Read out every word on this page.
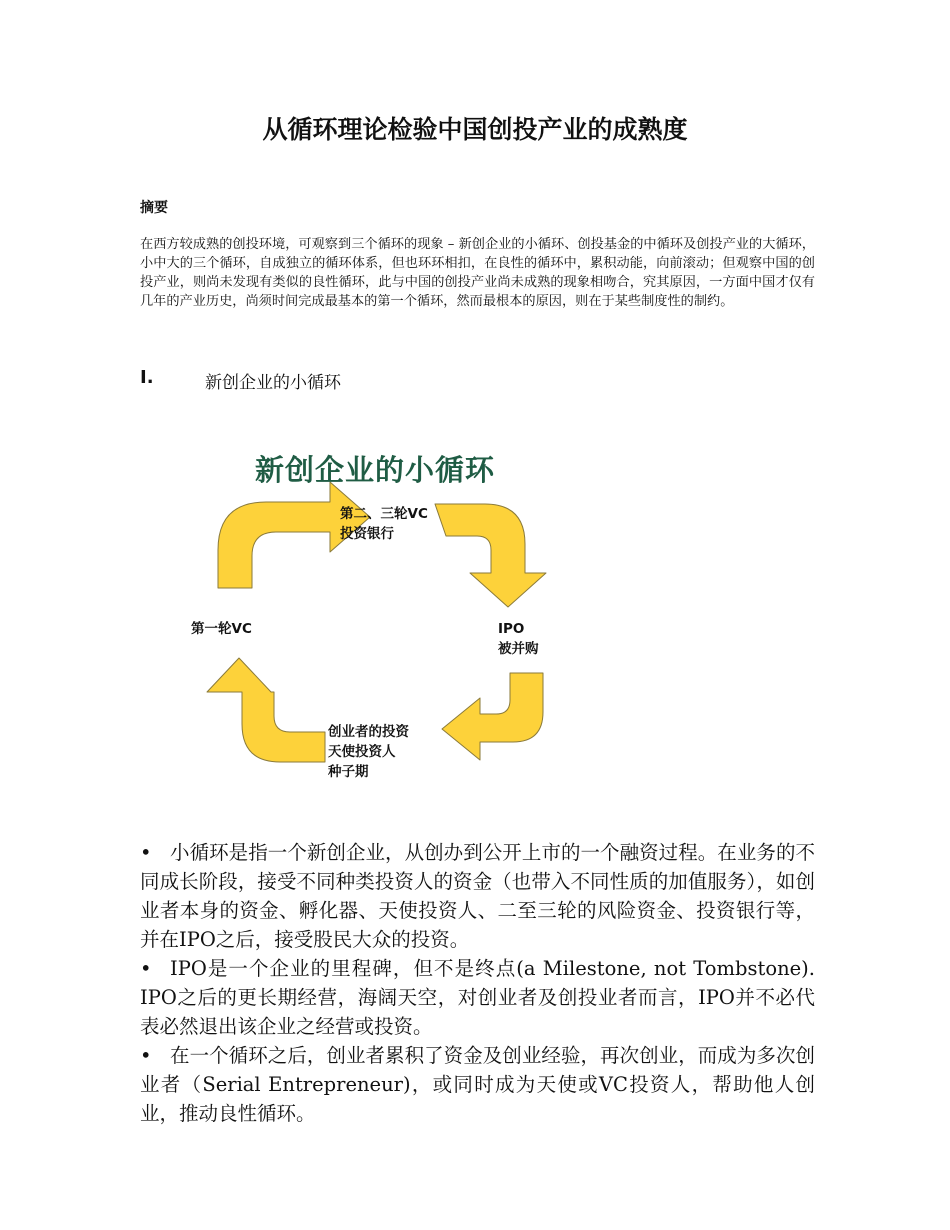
从循环理论检验中国创投产业的成熟度
摘要
在西方较成熟的创投环境，可观察到三个循环的现象 – 新创企业的小循环、创投基金的中循环及创投产业的大循环，小中大的三个循环，自成独立的循环体系，但也环环相扣，在良性的循环中，累积动能，向前滚动；但观察中国的创投产业，则尚未发现有类似的良性循环，此与中国的创投产业尚未成熟的现象相吻合，究其原因，一方面中国才仅有几年的产业历史，尚须时间完成最基本的第一个循环，然而最根本的原因，则在于某些制度性的制约。
I.	新创企业的小循环
新创企业的小循环
第二、三轮VC
投资银行
IPO
被并购
创业者的投资
天使投资人
种子期
第一轮VC

• 小循环是指一个新创企业，从创办到公开上市的一个融资过程。在业务的不同成长阶段，接受不同种类投资人的资金（也带入不同性质的加值服务），如创业者本身的资金、孵化器、天使投资人、二至三轮的风险资金、投资银行等，并在IPO之后，接受股民大众的投资。

• IPO是一个企业的里程碑，但不是终点(a Milestone, not Tombstone). IPO之后的更长期经营，海阔天空，对创业者及创投业者而言，IPO并不必代表必然退出该企业之经营或投资。

• 在一个循环之后，创业者累积了资金及创业经验，再次创业，而成为多次创业者（Serial Entrepreneur)，或同时成为天使或VC投资人，帮助他人创业，推动良性循环。
